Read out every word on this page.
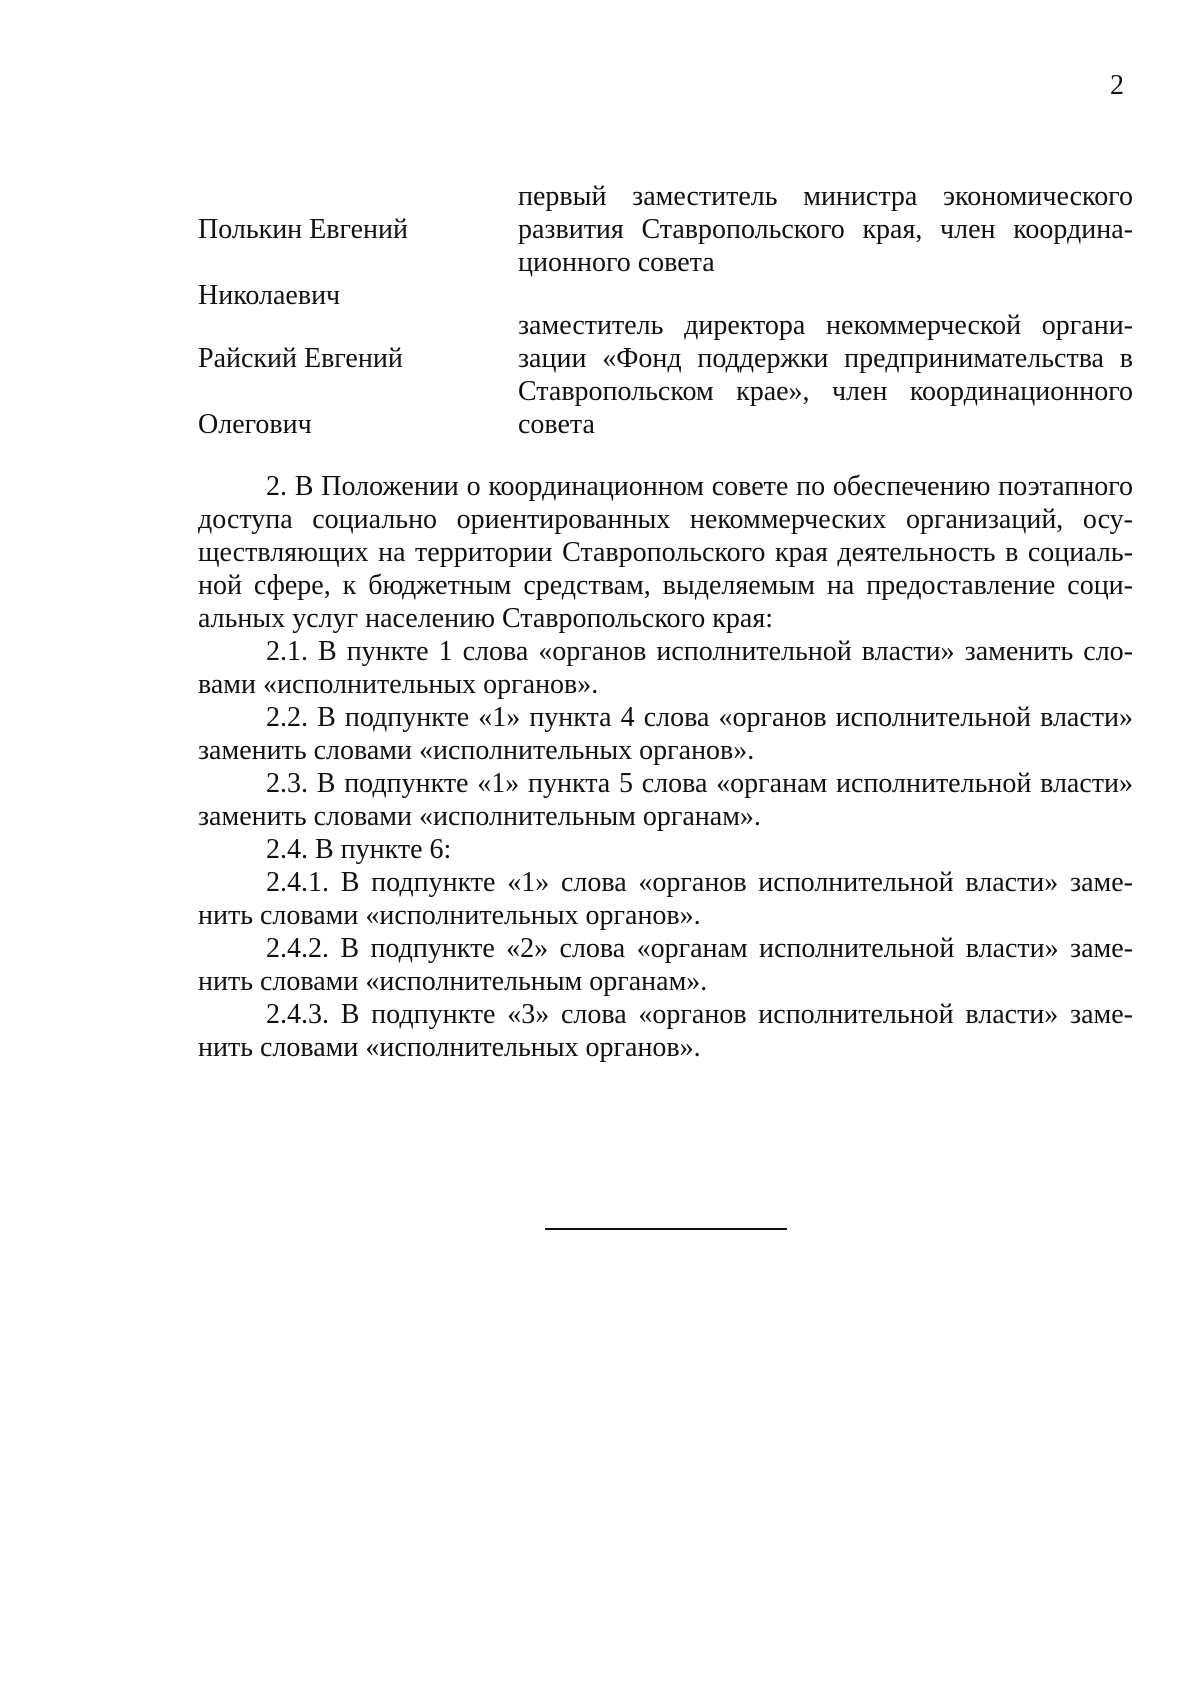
2

Полькин Евгений

Николаевич

первый заместитель министра экономического
развития Ставропольского края, член координа-
ционного совета

Райский Евгений

Олегович

заместитель директора некоммерческой органи-
зации «Фонд поддержки предпринимательства в
Ставропольском крае», член координационного
совета
2. В Положении о координационном совете по обеспечению поэтапного
доступа социально ориентированных некоммерческих организаций, осу-
ществляющих на территории Ставропольского края деятельность в социаль-
ной сфере, к бюджетным средствам, выделяемым на предоставление соци-
альных услуг населению Ставропольского края:
2.1. В пункте 1 слова «органов исполнительной власти» заменить сло-
вами «исполнительных органов».
2.2. В подпункте «1» пункта 4 слова «органов исполнительной власти»
заменить словами «исполнительных органов».
2.3. В подпункте «1» пункта 5 слова «органам исполнительной власти»
заменить словами «исполнительным органам».
2.4. В пункте 6:
2.4.1. В подпункте «1» слова «органов исполнительной власти» заме-
нить словами «исполнительных органов».
2.4.2. В подпункте «2» слова «органам исполнительной власти» заме-
нить словами «исполнительным органам».
2.4.3. В подпункте «3» слова «органов исполнительной власти» заме-
нить словами «исполнительных органов».
